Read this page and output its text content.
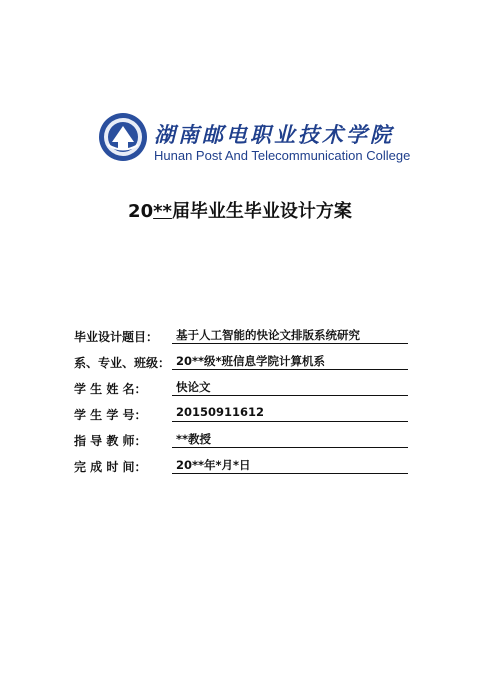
湖南邮电职业技术学院
Hunan Post And Telecommunication College
20**届毕业生毕业设计方案
毕业设计题目：	基于人工智能的快论文排版系统研究
系、专业、班级： 20**级*班信息学院计算机系
学 生 姓 名：	快论文
学 生 学 号：	20150911612
指 导 教 师：	**教授
完 成 时 间：	20**年*月*日
